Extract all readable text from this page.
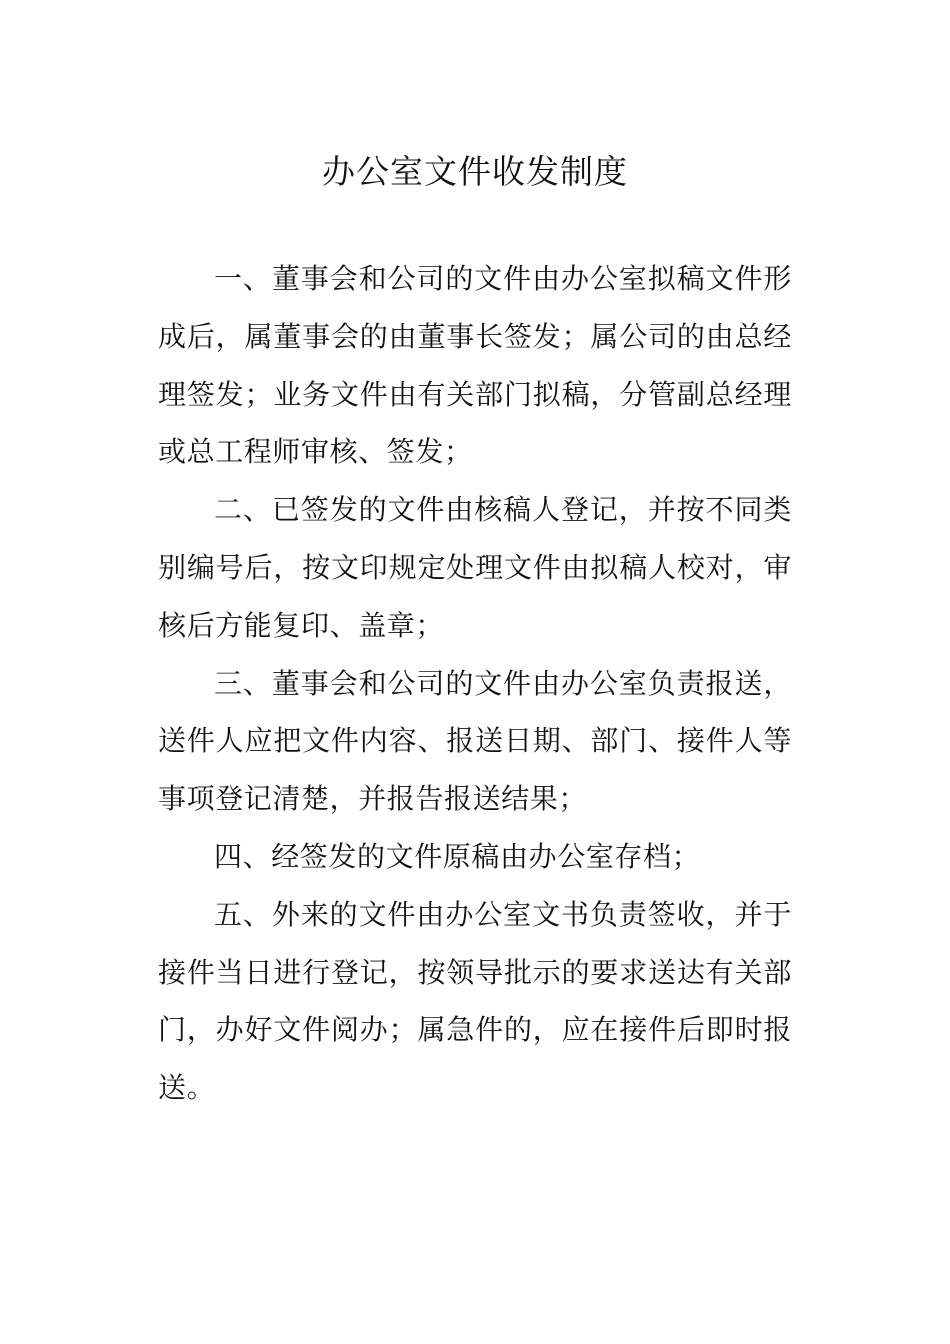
办公室文件收发制度

一、董事会和公司的文件由办公室拟稿文件形成后，属董事会的由董事长签发；属公司的由总经理签发；业务文件由有关部门拟稿，分管副总经理或总工程师审核、签发；

二、已签发的文件由核稿人登记，并按不同类别编号后，按文印规定处理文件由拟稿人校对，审核后方能复印、盖章；

三、董事会和公司的文件由办公室负责报送，送件人应把文件内容、报送日期、部门、接件人等事项登记清楚，并报告报送结果；

四、经签发的文件原稿由办公室存档；

五、外来的文件由办公室文书负责签收，并于接件当日进行登记，按领导批示的要求送达有关部门，办好文件阅办；属急件的，应在接件后即时报送。
